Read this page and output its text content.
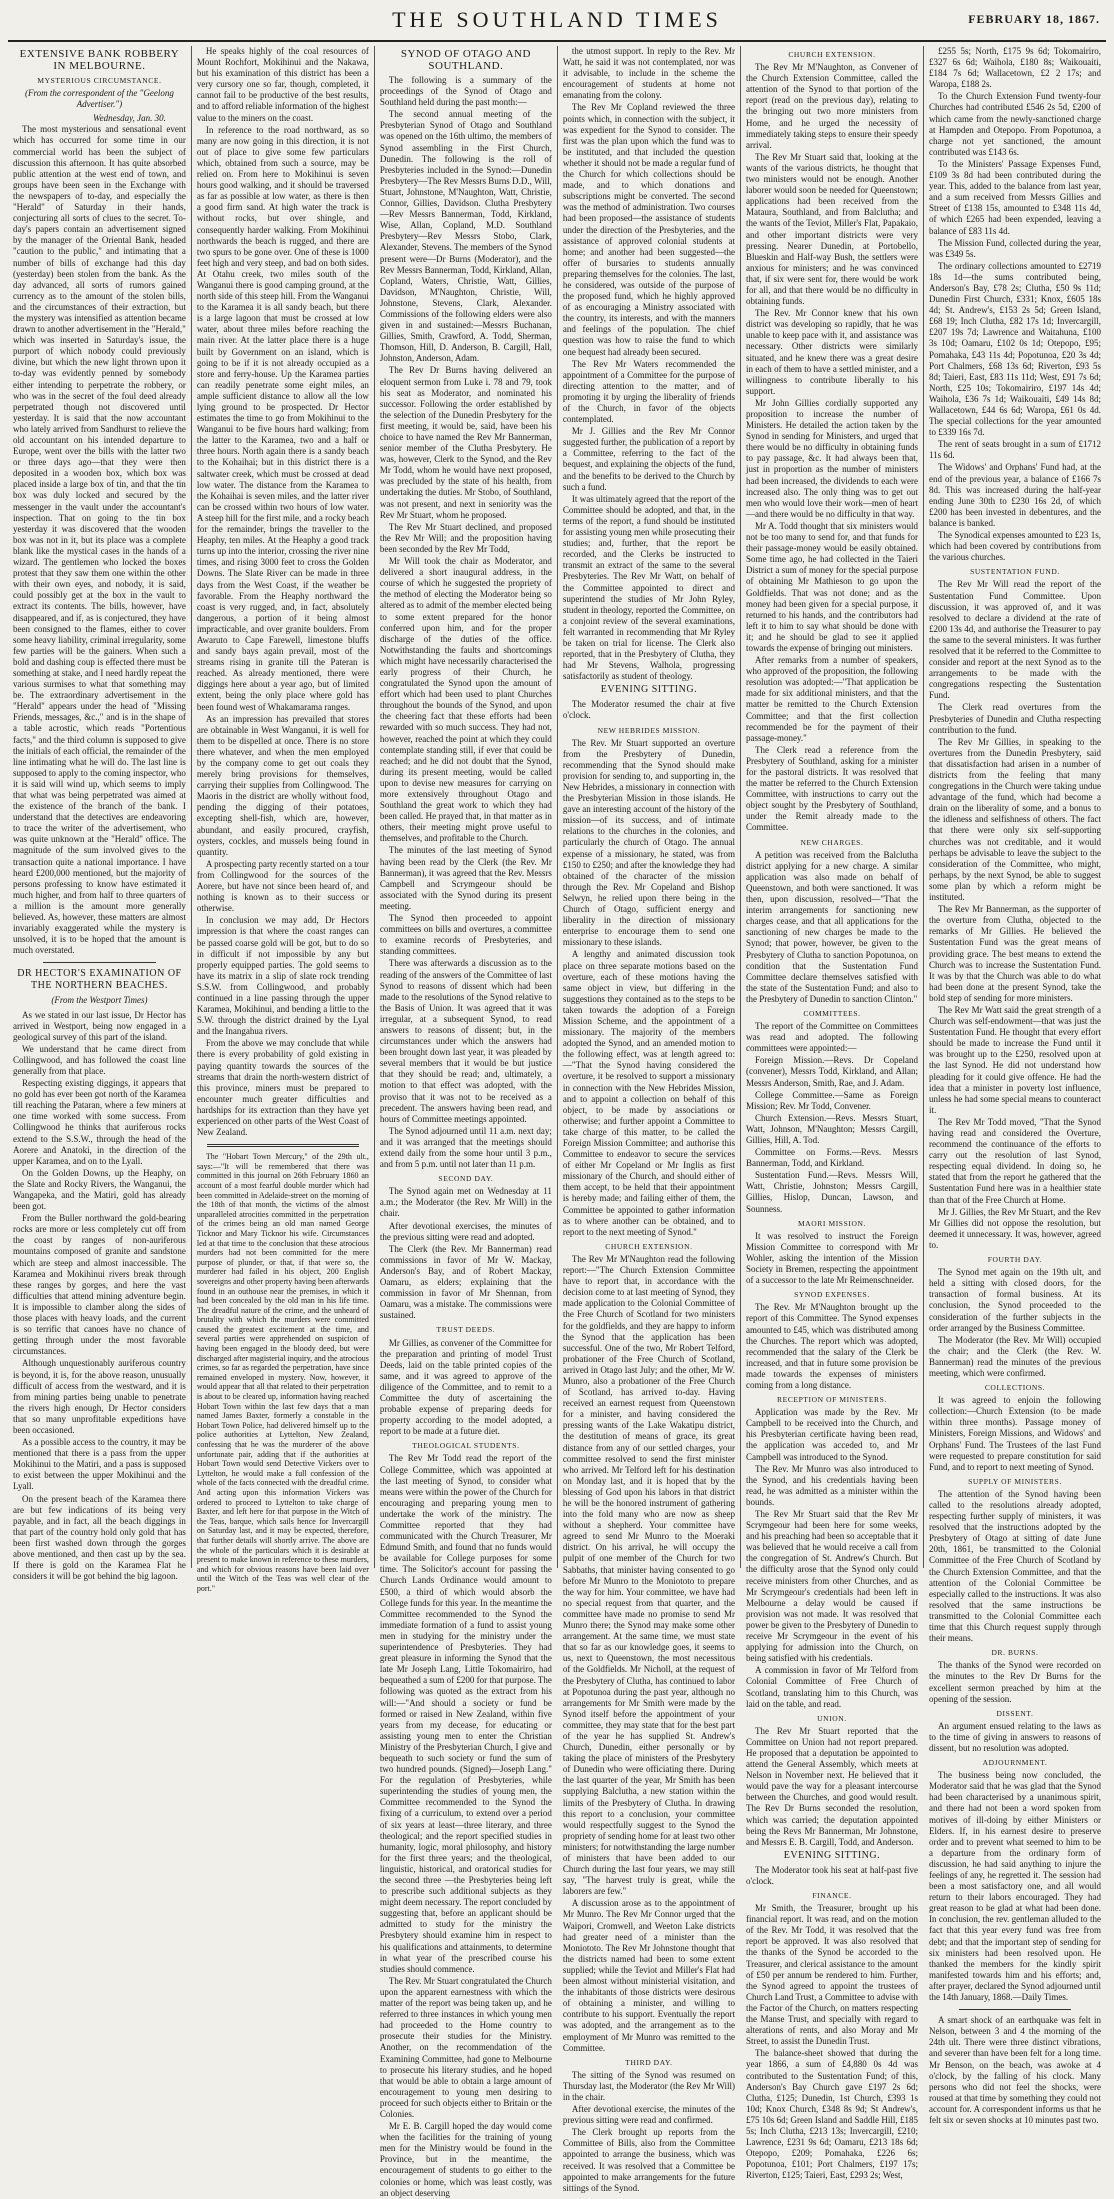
THE SOUTHLAND TIMES	FEBRUARY 18, 1867.
EXTENSIVE BANK ROBBERY IN MELBOURNE.
MYSTERIOUS CIRCUMSTANCE.
(From the correspondent of the "Geelong Advertiser.")
Wednesday, Jan. 30.

The most mysterious and sensational event which has occurred for some time in our commercial world has been the subject of discussion this afternoon. It has quite absorbed public attention at the west end of town, and groups have been seen in the Exchange with the newspapers of to-day, and especially the "Herald" of Saturday in their hands, conjecturing all sorts of clues to the secret. To-day's papers contain an advertisement signed by the manager of the Oriental Bank, headed "caution to the public," and intimating that a number of bills of exchange had this day (yesterday) been stolen from the bank. As the day advanced, all sorts of rumors gained currency as to the amount of the stolen bills, and the circumstances of their extraction, but the mystery was intensified as attention became drawn to another advertisement in the "Herald," which was inserted in Saturday's issue, the purport of which nobody could previously divine, but which the new light thrown upon it to-day was evidently penned by somebody either intending to perpetrate the robbery, or who was in the secret of the foul deed already perpetrated though not discovered until yesterday. It is said that the now accountant who lately arrived from Sandhurst to relieve the old accountant on his intended departure to Europe, went over the bills with the latter two or three days ago—that they were then deposited in a wooden box, which box was placed inside a large box of tin, and that the tin box was duly locked and secured by the messenger in the vault under the accountant's inspection. That on going to the tin box yesterday it was discovered that the wooden box was not in it, but its place was a complete blank like the mystical cases in the hands of a wizard. The gentlemen who locked the boxes protest that they saw them one within the other with their own eyes, and nobody, it is said, could possibly get at the box in the vault to extract its contents. The bills, however, have disappeared, and if, as is conjectured, they have been consigned to the flames, either to cover some heavy liability, criminal irregularity, some few parties will be the gainers. When such a bold and dashing coup is effected there must be something at stake, and I need hardly repeat the various surmises to what that something may be. The extraordinary advertisement in the "Herald" appears under the head of "Missing Friends, messages, &c.," and is in the shape of a table acrostic, which reads "Portentious facts," and the third column is supposed to give the initials of each official, the remainder of the line intimating what he will do. The last line is supposed to apply to the coming inspector, who it is said will wind up, which seems to imply that what was being perpetrated was aimed at the existence of the branch of the bank. I understand that the detectives are endeavoring to trace the writer of the advertisement, who was quite unknown at the "Herald" office. The magnitude of the sum involved gives to the transaction quite a national importance. I have heard £200,000 mentioned, but the majority of persons professing to know have estimated it much higher, and from half to three quarters of a million is the amount more generally believed. As, however, these matters are almost invariably exaggerated while the mystery is unsolved, it is to be hoped that the amount is much overstated.

DR HECTOR'S EXAMINATION OF THE NORTHERN BEACHES.
(From the Westport Times)

As we stated in our last issue, Dr Hector has arrived in Westport, being now engaged in a geological survey of this part of the island.

We understand that he came direct from Collingwood, and has followed the coast line generally from that place.

Respecting existing diggings, it appears that no gold has ever been got north of the Karamea till reaching the Pataran, where a few miners at one time worked with some success. From Collingwood he thinks that auriferous rocks extend to the S.S.W., through the head of the Aorere and Anatoki, in the direction of the upper Karamea, and on to the Lyall.

On the Golden Downs, up the Heaphy, on the Slate and Rocky Rivers, the Wanganui, the Wangapeka, and the Matiri, gold has already been got.

From the Buller northward the gold-bearing rocks are more or less completely cut off from the coast by ranges of non-auriferous mountains composed of granite and sandstone which are steep and almost inaccessible. The Karamea and Mokihinui rivers break through these ranges by gorges, and here the vast difficulties that attend mining adventure begin. It is impossible to clamber along the sides of those places with heavy loads, and the current is so terrific that canoes have no chance of getting through under the most favorable circumstances.

Although unquestionably auriferous country is beyond, it is, for the above reason, unusually difficult of access from the westward, and it is from mining parties being unable to penetrate the rivers high enough, Dr Hector considers that so many unprofitable expeditions have been occasioned.

As a possible access to the country, it may be mentioned that there is a pass from the upper Mokihinui to the Matiri, and a pass is supposed to exist between the upper Mokihinui and the Lyall.

On the present beach of the Karamea there are but few indications of its being very payable, and in fact, all the beach diggings in that part of the country hold only gold that has been first washed down through the gorges above mentioned, and then cast up by the sea. If there is gold on the Karamea Flat he considers it will be got behind the big lagoon.

He speaks highly of the coal resources of Mount Rochfort, Mokihinui and the Nakawa, but his examination of this district has been a very cursory one so far, though, completed, it cannot fail to be productive of the best results, and to afford reliable information of the highest value to the miners on the coast.

In reference to the road northward, as so many are now going in this direction, it is not out of place to give some few particulars which, obtained from such a source, may be relied on. From here to Mokihinui is seven hours good walking, and it should be traversed as far as possible at low water, as there is then a good firm sand. At high water the track is without rocks, but over shingle, and consequently harder walking. From Mokihinui northwards the beach is rugged, and there are two spurs to be gone over. One of these is 1000 feet high and very steep, and bad on both sides. At Otahu creek, two miles south of the Wanganui there is good camping ground, at the north side of this steep hill. From the Wanganui to the Karamea it is all sandy beach, but there is a large lagoon that must be crossed at low water, about three miles before reaching the main river. At the latter place there is a huge built by Government on an island, which is going to be if it is not already occupied as a store and ferry-house. Up the Karamea parties can readily penetrate some eight miles, an ample sufficient distance to allow all the low lying ground to be prospected. Dr Hector estimates the time to go from Mokihinui to the Wanganui to be five hours hard walking; from the latter to the Karamea, two and a half or three hours. North again there is a sandy beach to the Kohaihai; but in this district there is a saltwater creek, which must be crossed at dead low water. The distance from the Karamea to the Kohaihai is seven miles, and the latter river can be crossed within two hours of low water. A steep hill for the first mile, and a rocky beach for the remainder, brings the traveller to the Heaphy, ten miles. At the Heaphy a good track turns up into the interior, crossing the river nine times, and rising 3000 feet to cross the Golden Downs. The Slate River can be made in three days from the West Coast, if the weather be favorable. From the Heaphy northward the coast is very rugged, and, in fact, absolutely dangerous, a portion of it being almost impracticable, and over granite boulders. From Awaruto to Cape Farewell, limestone bluffs and sandy bays again prevail, most of the streams rising in granite till the Pateran is reached. As already mentioned, there were diggings here about a year ago, but of limited extent, being the only place where gold has been found west of Whakamarama ranges.

As an impression has prevailed that stores are obtainable in West Wanganui, it is well for them to be dispelled at once. There is no store there whatever, and when the men employed by the company come to get out coals they merely bring provisions for themselves, carrying their supplies from Collingwood. The Maoris in the district are wholly without food, pending the digging of their potatoes, excepting shell-fish, which are, however, abundant, and easily procured, crayfish, oysters, cockles, and mussels being found in quantity.

A prospecting party recently started on a tour from Collingwood for the sources of the Aorere, but have not since been heard of, and nothing is known as to their success or otherwise.

In conclusion we may add, Dr Hectors impression is that where the coast ranges can be passed coarse gold will be got, but to do so in difficult if not impossible by any but properly equipped parties. The gold seems to have its matrix in a slip of slate rock trending S.S.W. from Collingwood, and probably continued in a line passing through the upper Karamea, Mokihinui, and bending a little to the S.W. through the district drained by the Lyal and the Inangahua rivers.

From the above we may conclude that while there is every probability of gold existing in paying quantity towards the sources of the streams that drain the north-western district of this province, miners must be prepared to encounter much greater difficulties and hardships for its extraction than they have yet experienced on other parts of the West Coast of New Zealand.

The "Hobart Town Mercury," of the 29th ult., says:—"It will be remembered that there was committed in this journal on 26th February 1860 an account of a most fearful double murder which had been committed in Adelaide-street on the morning of the 18th of that month, the victims of the almost unparalleled atrocities committed in the perpetration of the crimes being an old man named George Ticknor and Mary Ticknor his wife. Circumstances led at that time to the conclusion that these atrocious murders had not been committed for the mere purpose of plunder, or that, if that were so, the murderer had failed in his object, 200 English sovereigns and other property having been afterwards found in an outhouse near the premises, in which it had been concealed by the old man in his life time. The dreadful nature of the crime, and the unheard of brutality with which the murders were committed caused the greatest excitement at the time, and several parties were apprehended on suspicion of having been engaged in the bloody deed, but were discharged after magisterial inquiry, and the atrocious crimes, so far as regarded the perpetration, have since remained enveloped in mystery. Now, however, it would appear that all that related to their perpetration is about to be cleared up, information having reached Hobart Town within the last few days that a man named James Baxter, formerly a constable in the Hobart Town Police, had delivered himself up to the police authorities at Lyttelton, New Zealand, confessing that he was the murderer of the above unfortunate pair, adding that if the authorities at Hobart Town would send Detective Vickers over to Lyttelton, he would make a full confession of the whole of the facts connected with the dreadful crime. And acting upon this information Vickers was ordered to proceed to Lyttelton to take charge of Baxter, and left here for that purpose in the Witch of the Teas, barque, which sails hence for Invercargill on Saturday last, and it may be expected, therefore, that further details will shortly arrive. The above are the whole of the particulars which it is desirable at present to make known in reference to these murders, and which for obvious reasons have been laid over until the Witch of the Teas was well clear of the port."

SYNOD OF OTAGO AND SOUTHLAND.

The following is a summary of the proceedings of the Synod of Otago and Southland held during the past month:—

The second annual meeting of the Presbyterian Synod of Otago and Southland was opened on the 16th ultimo, the members of Synod assembling in the First Church, Dunedin. The following is the roll of Presbyteries included in the Synod:—Dunedin Presbytery—The Rev Messrs Burns D.D., Will, Stuart, Johnstone, M'Naughton, Watt, Christie, Connor, Gillies, Davidson. Clutha Presbytery—Rev Messrs Bannerman, Todd, Kirkland, Wise, Allan, Copland, M.D. Southland Presbytery—Rev Messrs Stobo, Clark, Alexander, Stevens. The members of the Synod present were—Dr Burns (Moderator), and the Rev Messrs Bannerman, Todd, Kirkland, Allan, Copland, Waters, Christie, Watt, Gillies, Davidson, M'Naughton, Christie, Will, Johnstone, Stevens, Clark, Alexander. Commissions of the following elders were also given in and sustained:—Messrs Buchanan, Gillies, Smith, Crawford, A. Todd, Sherman, Thomson, Hill, D. Anderson, B. Cargill, Hall, Johnston, Anderson, Adam.

The Rev Dr Burns having delivered an eloquent sermon from Luke i. 78 and 79, took his seat as Moderator, and nominated his successor. Following the order established by the selection of the Dunedin Presbytery for the first meeting, it would be, said, have been his choice to have named the Rev Mr Bannerman, senior member of the Clutha Presbytery. He was, however, Clerk to the Synod, and the Rev Mr Todd, whom he would have next proposed, was precluded by the state of his health, from undertaking the duties. Mr Stobo, of Southland, was not present, and next in seniority was the Rev Mr Stuart, whom he proposed.

The Rev Mr Stuart declined, and proposed the Rev Mr Will; and the proposition having been seconded by the Rev Mr Todd,

Mr Will took the chair as Moderator, and delivered a short inaugural address, in the course of which he suggested the propriety of the method of electing the Moderator being so altered as to admit of the member elected being to some extent prepared for the honor conferred upon him, and for the proper discharge of the duties of the office. Notwithstanding the faults and shortcomings which might have necessarily characterised the early progress of their Church, he congratulated the Synod upon the amount of effort which had been used to plant Churches throughout the bounds of the Synod, and upon the cheering fact that these efforts had been rewarded with so much success. They had not, however, reached the point at which they could contemplate standing still, if ever that could be reached; and he did not doubt that the Synod, during its present meeting, would be called upon to devise new measures for carrying on more extensively throughout Otago and Southland the great work to which they had been called. He prayed that, in that matter as in others, their meeting might prove useful to themselves, and profitable to the Church.

The minutes of the last meeting of Synod having been read by the Clerk (the Rev. Mr Bannerman), it was agreed that the Rev. Messrs Campbell and Scrymgeour should be associated with the Synod during its present meeting.

The Synod then proceeded to appoint committees on bills and overtures, a committee to examine records of Presbyteries, and standing committees.

There was afterwards a discussion as to the reading of the answers of the Committee of last Synod to reasons of dissent which had been made to the resolutions of the Synod relative to the Basis of Union. It was agreed that it was irregular, at a subsequent Synod, to read answers to reasons of dissent; but, in the circumstances under which the answers had been brought down last year, it was pleaded by several members that it would be but justice that they should be read; and, ultimately, a motion to that effect was adopted, with the proviso that it was not to be received as a precedent. The answers having been read, and hours of Committee meetings appointed.

The Synod adjourned until 11 a.m. next day; and it was arranged that the meetings should extend daily from the some hour until 3 p.m., and from 5 p.m. until not later than 11 p.m.

SECOND DAY.

The Synod again met on Wednesday at 11 a.m.; the Moderator (the Rev. Mr Will) in the chair.

After devotional exercises, the minutes of the previous sitting were read and adopted.

The Clerk (the Rev. Mr Bannerman) read commissions in favor of Mr W. Mackay, Anderson's Bay, and of Robert Mackay, Oamaru, as elders; explaining that the commission in favor of Mr Shennan, from Oamaru, was a mistake. The commissions were sustained.

TRUST DEEDS.

Mr Gillies, as convener of the Committee for the preparation and printing of model Trust Deeds, laid on the table printed copies of the same, and it was agreed to approve of the diligence of the Committee, and to remit to a Committee the duty of ascertaining the probable expense of preparing deeds for property according to the model adopted, a report to be made at a future diet.

THEOLOGICAL STUDENTS.

The Rev Mr Todd read the report of the College Committee, which was appointed at the last meeting of Synod, to consider what means were within the power of the Church for encouraging and preparing young men to undertake the work of the ministry. The Committee reported that they had communicated with the Church Treasurer, Mr Edmund Smith, and found that no funds would be available for College purposes for some time. The Solicitor's account for passing the Church Lands Ordinance would amount to £500, a third of which would absorb the College funds for this year. In the meantime the Committee recommended to the Synod the immediate formation of a fund to assist young men in studying for the ministry under the superintendence of Presbyteries. They had great pleasure in informing the Synod that the late Mr Joseph Lang, Little Tokomairiro, had bequeathed a sum of £200 for that purpose. The following was quoted as the extract from his will:—"And should a society or fund be formed or raised in New Zealand, within five years from my decease, for educating or assisting young men to enter the Christian Ministry of the Presbyterian Church, I give and bequeath to such society or fund the sum of two hundred pounds. (Signed)—Joseph Lang." For the regulation of Presbyteries, while superintending the studies of young men, the Committee recommended to the Synod the fixing of a curriculum, to extend over a period of six years at least—three literary, and three theological; and the report specified studies in humanity, logic, moral philosophy, and history for the first three years; and the theological, linguistic, historical, and oratorical studies for the second three —the Presbyteries being left to prescribe such additional subjects as they might deem necessary. The report concluded by suggesting that, before an applicant should be admitted to study for the ministry the Presbytery should examine him in respect to his qualifications and attainments, to determine in what year of the prescribed course his studies should commence.

The Rev. Mr Stuart congratulated the Church upon the apparent earnestness with which the matter of the report was being taken up, and he referred to three instances in which young men had proceeded to the Home country to prosecute their studies for the Ministry. Another, on the recommendation of the Examining Committee, had gone to Melbourne to prosecute his literary studies, and he hoped that would be able to obtain a large amount of encouragement to young men desiring to proceed for such objects either to Britain or the Colonies.

Mr E. B. Cargill hoped the day would come when the facilities for the training of young men for the Ministry would be found in the Province, but in the meantime, the encouragement of students to go either to the colonies or home, which was least costly, was an object deserving

the utmost support. In reply to the Rev. Mr Watt, he said it was not contemplated, nor was it advisable, to include in the scheme the encouragement of students at home not emanating from the colony.

The Rev Mr Copland reviewed the three points which, in connection with the subject, it was expedient for the Synod to consider. The first was the plan upon which the fund was to be instituted, and that included the question whether it should not be made a regular fund of the Church for which collections should be made, and to which donations and subscriptions might be converted. The second was the method of administration. Two courses had been proposed—the assistance of students under the direction of the Presbyteries, and the assistance of approved colonial students at home; and another had been suggested—the offer of bursaries to students annually preparing themselves for the colonies. The last, he considered, was outside of the purpose of the proposed fund, which he highly approved of as encouraging a Ministry associated with the country, its interests, and with the manners and feelings of the population. The chief question was how to raise the fund to which one bequest had already been secured.

The Rev Mr Waters recommended the appointment of a Committee for the purpose of directing attention to the matter, and of promoting it by urging the liberality of friends of the Church, in favor of the objects contemplated.

Mr J. Gillies and the Rev Mr Connor suggested further, the publication of a report by a Committee, referring to the fact of the bequest, and explaining the objects of the fund, and the benefits to be derived to the Church by such a fund.

It was ultimately agreed that the report of the Committee should be adopted, and that, in the terms of the report, a fund should be instituted for assisting young men while prosecuting their studies; and, further, that the report be recorded, and the Clerks be instructed to transmit an extract of the same to the several Presbyteries. The Rev Mr Watt, on behalf of the Committee appointed to direct and superintend the studies of Mr John Ryley, student in theology, reported the Committee, on a conjoint review of the several examinations, felt warranted in recommending that Mr Ryley be taken on trial for license. The Clerk also reported, that in the Presbytery of Clutha, they had Mr Stevens, Walhola, progressing satisfactorily as student of theology.

EVENING SITTING.

The Moderator resumed the chair at five o'clock.

NEW HEBRIDES MISSION.

The Rev. Mr Stuart supported an overture from the Presbytery of Dunedin, recommending that the Synod should make provision for sending to, and supporting in, the New Hebrides, a missionary in connection with the Presbyterian Mission in those islands. He gave an interesting account of the history of the mission—of its success, and of intimate relations to the churches in the colonies, and particularly the church of Otago. The annual expense of a missionary, he stated, was from £150 to £250; and after the knowledge they had obtained of the character of the mission through the Rev. Mr Copeland and Bishop Selwyn, he relied upon there being in the Church of Otago, sufficient energy and liberality in the direction of missionary enterprise to encourage them to send one missionary to these islands.

A lengthy and animated discussion took place on three separate motions based on the overture, each of these motions having the same object in view, but differing in the suggestions they contained as to the steps to be taken towards the adoption of a Foreign Mission Scheme, and the appointment of a missionary. The majority of the members adopted the Synod, and an amended motion to the following effect, was at length agreed to:—"That the Synod having considered the overture, it be resolved to support a missionary in connection with the New Hebrides Mission, and to appoint a collection on behalf of this object, to be made by associations or otherwise; and further appoint a Committee to take charge of this matter, to be called the Foreign Mission Committee; and authorise this Committee to endeavor to secure the services of either Mr Copeland or Mr Inglis as first missionary of the Church, and should either of them accept, to be held that their appointment is hereby made; and failing either of them, the Committee be appointed to gather information as to where another can be obtained, and to report to the next meeting of Synod."

CHURCH EXTENSION.

The Rev Mr M'Naughton read the following report:—"The Church Extension Committee have to report that, in accordance with the decision come to at last meeting of Synod, they made application to the Colonial Committee of the Free Church of Scotland for two ministers for the goldfields, and they are happy to inform the Synod that the application has been successful. One of the two, Mr Robert Telford, probationer of the Free Church of Scotland, arrived in Otago last July; and the other, Mr W. Munro, also a probationer of the Free Church of Scotland, has arrived to-day. Having received an earnest request from Queenstown for a minister, and having considered the pressing wants of the Lake Wakatipu district, the destitution of means of grace, its great distance from any of our settled charges, your committee resolved to send the first minister who arrived. Mr Telford left for his destination on Monday last, and it is hoped that by the blessing of God upon his labors in that district he will be the honored instrument of gathering into the fold many who are now as sheep without a shepherd. Your committee have agreed to send Mr Munro to the Moeraki district. On his arrival, he will occupy the pulpit of one member of the Church for two Sabbaths, that minister having consented to go before Mr Munro to the Moniototo to prepare the way for him. Your committee, we have had no special request from that quarter, and the committee have made no promise to send Mr Munro there; the Synod may make some other arrangement. At the same time, we must state that so far as our knowledge goes, it seems to us, next to Queenstown, the most necessitous of the Goldfields. Mr Nicholl, at the request of the Presbytery of Clutha, has continued to labor at Popotunoa during the past year, although no arrangements for Mr Smith were made by the Synod itself before the appointment of your committee, they may state that for the best part of the year he has supplied St. Andrew's Church, Dunedin, either personally or by taking the place of ministers of the Presbytery of Dunedin who were officiating there. During the last quarter of the year, Mr Smith has been supplying Balclutha, a new station within the limits of the Presbytery of Clutha. In drawing this report to a conclusion, your committee would respectfully suggest to the Synod the propriety of sending home for at least two other ministers; for notwithstanding the large number of ministers that have been added to our Church during the last four years, we may still say, "The harvest truly is great, while the laborers are few."

A discussion arose as to the appointment of Mr Munro. The Rev Mr Connor urged that the Waipori, Cromwell, and Weeton Lake districts had greater need of a minister than the Moniototo. The Rev Mr Johnstone thought that the districts named had been to some extent supplied; while the Teviot and Miller's Flat had been almost without ministerial visitation, and the inhabitants of those districts were desirous of obtaining a minister, and willing to contribute to his support. Eventually the report was adopted, and the arrangement as to the employment of Mr Munro was remitted to the Committee.

THIRD DAY.

The sitting of the Synod was resumed on Thursday last, the Moderator (the Rev Mr Will) in the chair.

After devotional exercise, the minutes of the previous sitting were read and confirmed.

The Clerk brought up reports from the Committee of Bills, also from the Committee appointed to arrange the business, which was received. It was resolved that a Committee be appointed to make arrangements for the future sittings of the Synod.

CHURCH EXTENSION.

The Rev Mr M'Naughton, as Convener of the Church Extension Committee, called the attention of the Synod to that portion of the report (read on the previous day), relating to the bringing out two more ministers from Home, and he urged the necessity of immediately taking steps to ensure their speedy arrival.

The Rev Mr Stuart said that, looking at the wants of the various districts, he thought that two ministers would not be enough. Another laborer would soon be needed for Queenstown; applications had been received from the Mataura, Southland, and from Balclutha; and the wants of the Teviot, Miller's Flat, Papakaio, and other important districts were very pressing. Nearer Dunedin, at Portobello, Blueskin and Half-way Bush, the settlers were anxious for ministers; and he was convinced that, if six were sent for, there would be work for all, and that there would be no difficulty in obtaining funds.

The Rev. Mr Connor knew that his own district was developing so rapidly, that he was unable to keep pace with it, and assistance was necessary. Other districts were similarly situated, and he knew there was a great desire in each of them to have a settled minister, and a willingness to contribute liberally to his support.

Mr John Gillies cordially supported any proposition to increase the number of Ministers. He detailed the action taken by the Synod in sending for Ministers, and urged that there would be no difficulty in obtaining funds to pay passage, &c. It had always been that, just in proportion as the number of ministers had been increased, the dividends to each were increased also. The only thing was to get out men who would love their work—men of heart—and there would be no difficulty in that way.

Mr A. Todd thought that six ministers would not be too many to send for, and that funds for their passage-money would be easily obtained. Some time ago, he had collected in the Taieri District a sum of money for the special purpose of obtaining Mr Mathieson to go upon the Goldfields. That was not done; and as the money had been given for a special purpose, it returned to his hands, and the contributors had left it to him to say what should be done with it; and he should be glad to see it applied towards the expense of bringing out ministers.

After remarks from a number of speakers, who approved of the proposition, the following resolution was adopted:—"That application be made for six additional ministers, and that the matter be remitted to the Church Extension Committee; and that the first collection recommended be for the payment of their passage-money."

The Clerk read a reference from the Presbytery of Southland, asking for a minister for the pastoral districts. It was resolved that the matter be referred to the Church Extension Committee, with instructions to carry out the object sought by the Presbytery of Southland, under the Remit already made to the Committee.

NEW CHARGES.

A petition was received from the Balclutha district applying for a new charge. A similar application was also made on behalf of Queenstown, and both were sanctioned. It was then, upon discussion, resolved—"That the interim arrangements for sanctioning new charges cease, and that all applications for the sanctioning of new charges be made to the Synod; that power, however, be given to the Presbytery of Clutha to sanction Popotunoa, on condition that the Sustentation Fund Committee declare themselves satisfied with the state of the Sustentation Fund; and also to the Presbytery of Dunedin to sanction Clinton."

COMMITTEES.

The report of the Committee on Committees was read and adopted. The following committees were appointed:—

Foreign Mission.—Revs. Dr Copeland (convener), Messrs Todd, Kirkland, and Allan; Messrs Anderson, Smith, Rae, and J. Adam.

College Committee.—Same as Foreign Mission; Rev. Mr Todd, Convener.

Church Extension.—Revs. Messrs Stuart, Watt, Johnson, M'Naughton; Messrs Cargill, Gillies, Hill, A. Tod.

Committee on Forms.—Revs. Messrs Bannerman, Todd, and Kirkland.

Sustentation Fund.—Revs. Messrs Will, Watt, Christie, Johnston; Messrs Cargill, Gillies, Hislop, Duncan, Lawson, and Sounness.

MAORI MISSION.

It was resolved to instruct the Foreign Mission Committee to correspond with Mr Wohler, asking the intention of the Mission Society in Bremen, respecting the appointment of a successor to the late Mr Reimenschneider.

SYNOD EXPENSES.

The Rev. Mr M'Naughton brought up the report of this Committee. The Synod expenses amounted to £45, which was distributed among the Churches. The report which was adopted, recommended that the salary of the Clerk be increased, and that in future some provision be made towards the expenses of ministers coming from a long distance.

RECEPTION OF MINISTERS.

Application was made by the Rev. Mr Campbell to be received into the Church, and his Presbyterian certificate having been read, the application was acceded to, and Mr Campbell was introduced to the Synod.

The Rev. Mr Munro was also introduced to the Synod, and his credentials having been read, he was admitted as a minister within the bounds.

The Rev Mr Stuart said that the Rev Mr Scrymgeour had been here for some weeks, and his preaching had been so acceptable that it was believed that he would receive a call from the congregation of St. Andrew's Church. But the difficulty arose that the Synod only could receive ministers from other Churches, and as Mr Scrymgeour's credentials had been left in Melbourne a delay would be caused if provision was not made. It was resolved that power be given to the Presbytery of Dunedin to receive Mr Scrymgeour in the event of his applying for admission into the Church, on being satisfied with his credentials.

A commission in favor of Mr Telford from Colonial Committee of Free Church of Scotland, translating him to this Church, was laid on the table, and read.

UNION.

The Rev Mr Stuart reported that the Committee on Union had not report prepared. He proposed that a deputation be appointed to attend the General Assembly, which meets at Nelson in November next. He believed that it would pave the way for a pleasant intercourse between the Churches, and good would result. The Rev Dr Burns seconded the resolution, which was carried; the deputation appointed being the Revs Mr Bannerman, Mr Johnstone, and Messrs E. B. Cargill, Todd, and Anderson.

EVENING SITTING.

The Moderator took his seat at half-past five o'clock.

FINANCE.

Mr Smith, the Treasurer, brought up his financial report. It was read, and on the motion of the Rev. Mr Todd, it was resolved that the report be approved. It was also resolved that the thanks of the Synod be accorded to the Treasurer, and clerical assistance to the amount of £50 per annum be rendered to him. Further, the Synod agreed to appoint the trustees of Church Land Trust, a Committee to advise with the Factor of the Church, on matters respecting the Manse Trust, and specially with regard to alterations of rents, and also Moray and Mr Street, to assist the Dunedin Trust.

The balance-sheet showed that during the year 1866, a sum of £4,880 0s 4d was contributed to the Sustentation Fund; of this, Anderson's Bay Church gave £197 2s 6d; Clutha, £125; Dunedin, 1st Church, £393 1s 10d; Knox Church, £348 8s 9d; St Andrew's, £75 10s 6d; Green Island and Saddle Hill, £185 5s; Inch Clutha, £213 13s; Invercargill, £210; Lawrence, £231 9s 6d; Oamaru, £213 18s 6d; Otepopo, £209; Pomahaka, £226 6s; Popotunoa, £101; Port Chalmers, £197 17s; Riverton, £125; Taieri, East, £293 2s; West,

£255 5s; North, £175 9s 6d; Tokomairiro, £327 6s 6d; Waihola, £180 8s; Waikouaiti, £184 7s 6d; Wallacetown, £2 2 17s; and Waropa, £188 2s.

To the Church Extension Fund twenty-four Churches had contributed £546 2s 5d, £200 of which came from the newly-sanctioned charge at Hampden and Otepopo. From Popotunoa, a charge not yet sanctioned, the amount contributed was £143 6s.

To the Ministers' Passage Expenses Fund, £109 3s 8d had been contributed during the year. This, added to the balance from last year, and a sum received from Messrs Gillies and Street of £138 15s, amounted to £348 11s 4d, of which £265 had been expended, leaving a balance of £83 11s 4d.

The Mission Fund, collected during the year, was £349 5s.

The ordinary collections amounted to £2719 18s 1d—the sums contributed being, Anderson's Bay, £78 2s; Clutha, £50 9s 11d; Dunedin First Church, £331; Knox, £605 18s 4d; St. Andrew's, £153 2s 5d; Green Island, £68 19; Inch Clutha, £82 17s 1d; Invercargill, £207 19s 7d; Lawrence and Waitahuna, £100 3s 10d; Oamaru, £102 0s 1d; Otepopo, £95; Pomahaka, £43 11s 4d; Popotunoa, £20 3s 4d; Port Chalmers, £68 13s 6d; Riverton, £93 5s 8d; Taieri, East, £83 11s 11d; West, £91 7s 6d; North, £25 10s; Tokomairiro, £197 14s 4d; Waihola, £36 7s 1d; Waikouaiti, £49 14s 8d; Wallacetown, £44 6s 6d; Waropa, £61 0s 4d. The special collections for the year amounted to £339 16s 7d.

The rent of seats brought in a sum of £1712 11s 6d.

The Widows' and Orphans' Fund had, at the end of the previous year, a balance of £166 7s 8d. This was increased during the half-year ending June 30th to £230 16s 2d, of which £200 has been invested in debentures, and the balance is banked.

The Synodical expenses amounted to £23 1s, which had been covered by contributions from the various churches.

SUSTENTATION FUND.

The Rev Mr Will read the report of the Sustentation Fund Committee. Upon discussion, it was approved of, and it was resolved to declare a dividend at the rate of £200 13s 4d, and authorise the Treasurer to pay the same to the several ministers. It was further resolved that it be referred to the Committee to consider and report at the next Synod as to the arrangements to be made with the congregations respecting the Sustentation Fund.

The Clerk read overtures from the Presbyteries of Dunedin and Clutha respecting contribution to the fund.

The Rev Mr Gillies, in speaking to the overtures from the Dunedin Presbytery, said that dissatisfaction had arisen in a number of districts from the feeling that many congregations in the Church were taking undue advantage of the fund, which had become a drain on the liberality of some, and a bonus to the idleness and selfishness of others. The fact that there were only six self-supporting churches was not creditable, and it would perhaps be advisable to leave the subject to the consideration of the Committee, who might, perhaps, by the next Synod, be able to suggest some plan by which a reform might be instituted.

The Rev Mr Bannerman, as the supporter of the overture from Clutha, objected to the remarks of Mr Gillies. He believed the Sustentation Fund was the great means of providing grace. The best means to extend the Church was to increase the Sustentation Fund. It was by that the Church was able to do what had been done at the present Synod, take the bold step of sending for more ministers.

The Rev Mr Watt said the great strength of a Church was self-endowment—that was just the Sustentation Fund. He thought that every effort should be made to increase the Fund until it was brought up to the £250, resolved upon at the last Synod. He did not understand how pleading for it could give offence. He had the idea that a minister in poverty lost influence, unless he had some special means to counteract it.

The Rev Mr Todd moved, "That the Synod having read and considered the Overture, recommend the continuance of the efforts to carry out the resolution of last Synod, respecting equal dividend. In doing so, he stated that from the report he gathered that the Sustentation Fund here was in a healthier state than that of the Free Church at Home.

Mr J. Gillies, the Rev Mr Stuart, and the Rev Mr Gillies did not oppose the resolution, but deemed it unnecessary. It was, however, agreed to.

FOURTH DAY.

The Synod met again on the 19th ult, and held a sitting with closed doors, for the transaction of formal business. At its conclusion, the Synod proceeded to the consideration of the further subjects in the order arranged by the Business Committee.

The Moderator (the Rev. Mr Will) occupied the chair; and the Clerk (the Rev. W. Bannerman) read the minutes of the previous meeting, which were confirmed.

COLLECTIONS.

It was agreed to enjoin the following collection:—Church Extension (to be made within three months). Passage money of Ministers, Foreign Missions, and Widows' and Orphans' Fund. The Trustees of the last Fund were requested to prepare constitution for said Fund, and to report to next meeting of Synod.

SUPPLY OF MINISTERS.

The attention of the Synod having been called to the resolutions already adopted, respecting further supply of ministers, it was resolved that the instructions adopted by the Presbytery of Otago at sitting of date June 20th, 1861, be transmitted to the Colonial Committee of the Free Church of Scotland by the Church Extension Committee, and that the attention of the Colonial Committee be especially called to the instructions. It was also resolved that the same instructions be transmitted to the Colonial Committee each time that this Church request supply through their means.

DR. BURNS.

The thanks of the Synod were recorded on the minutes to the Rev Dr Burns for the excellent sermon preached by him at the opening of the session.

DISSENT.

An argument ensued relating to the laws as to the time of giving in answers to reasons of dissent, but no resolution was adopted.

ADJOURNMENT.

The business being now concluded, the Moderator said that he was glad that the Synod had been characterised by a unanimous spirit, and there had not been a word spoken from motives of ill-doing by either Ministers or Elders. If, in his earnest desire to preserve order and to prevent what seemed to him to be a departure from the ordinary form of discussion, he had said anything to injure the feelings of any, he regretted it. The session had been a most satisfactory one, and all would return to their labors encouraged. They had great reason to be glad at what had been done. In conclusion, the rev. gentleman alluded to the fact that this year every fund was free from debt; and that the important step of sending for six ministers had been resolved upon. He thanked the members for the kindly spirit manifested towards him and his efforts; and, after prayer, declared the Synod adjourned until the 14th January, 1868.—Daily Times.

A smart shock of an earthquake was felt in Nelson, between 3 and 4 the morning of the 24th ult. There were three distinct vibrations, and severer than have been felt for a long time. Mr Benson, on the beach, was awoke at 4 o'clock, by the falling of his clock. Many persons who did not feel the shocks, were roused at that time by something they could not account for. A correspondent informs us that he felt six or seven shocks at 10 minutes past two.
